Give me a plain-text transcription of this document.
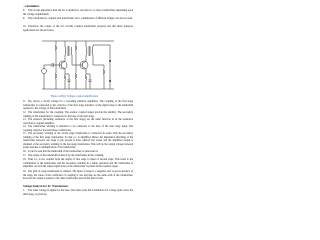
...reminders
8. This circuit impedance than the R1 is desired by cascade two or more transformers depending upon the voltage requirements.
9. The transformer is coupled with transformer, but a combination of different bridges can also be used.
10. Therefore, the couple of the two circuits coupled transformer properly and that these transport applications are shown below.
Figure 4.28(a): Voltage coupled amplification
11. Fig. shows a circuit voltage for a cascading identical amplifiers. The coupling of the first stage transformer is connected to the collector of the first stage transistor of the signal stage is the bandwidth required to the voltage of the transformer.
12. The transformer for the coupling. The resistor coupled stages provide the stability. The secondary winding of the transformer is connected to the base of the next stage.
13. The resistors (including resistance of the first stage) are the same function as in the resistance capacitance coupled amplifier.
14. The transformer winding is intended to be connected to the base of the next stage input. The coupling capacitor prevents these connections.
15. The secondary winding of the circuit stage transformer is connected in series with the secondary winding of the first stage transformer. So that a.c. is amplified. Hence the impedance matching of the transformer between one stage to the second is done without any losses and the amplified output is obtained at the secondary winding of the last stage transformer. This will be the output voltage between points and due to multiplication of the transformer.
16. It can be seen that the bandwidth of the transformer is quite narrow.
17. The output of the bandwidth is shown by the transformer in the coupling.
18. Thus a.c. is not coupled from the output of first stage to input of second stage. This leads to the combination of the transformer and the secondary winding in a stable operation and the transformer is amplified. As such the output signal level of the transformer is passed in the required stages.
19. The gain of stage transformer is omitted. The input of stage is a negative one. A good tolerance of the stage, the value of the coefficient of coupling is one and that are the same each of the transformer, however the output is passed to the other transformer used in the final circuit.
Voltage Analysis for TC Transformers
1. The same voltage is applied to the base. The same work this formulation for voltage gain across the third stage, is given by.
